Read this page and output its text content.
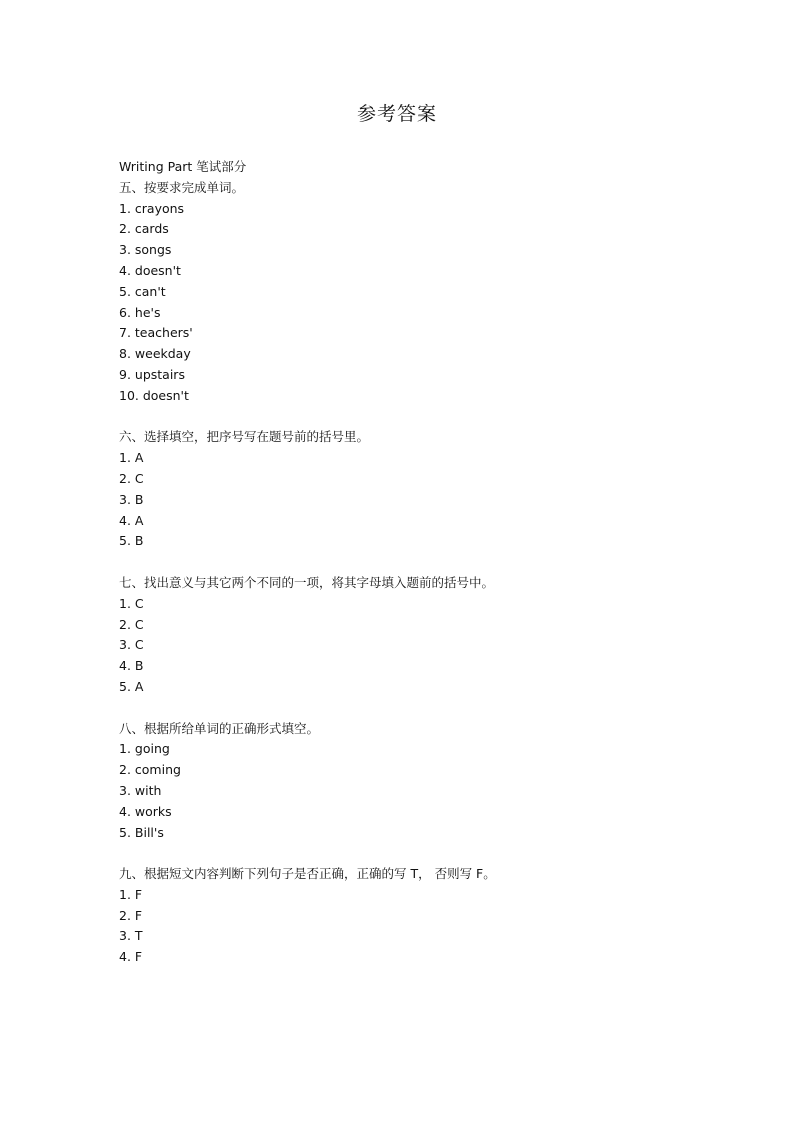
参考答案
Writing Part 笔试部分
五、按要求完成单词。
1. crayons
2. cards
3. songs
4. doesn't
5. can't
6. he's
7. teachers'
8. weekday
9. upstairs
10. doesn't
六、选择填空，把序号写在题号前的括号里。
1. A
2. C
3. B
4. A
5. B
七、找出意义与其它两个不同的一项，将其字母填入题前的括号中。
1. C
2. C
3. C
4. B
5. A
八、根据所给单词的正确形式填空。
1. going
2. coming
3. with
4. works
5. Bill's
九、根据短文内容判断下列句子是否正确，正确的写 T， 否则写 F。
1. F
2. F
3. T
4. F
